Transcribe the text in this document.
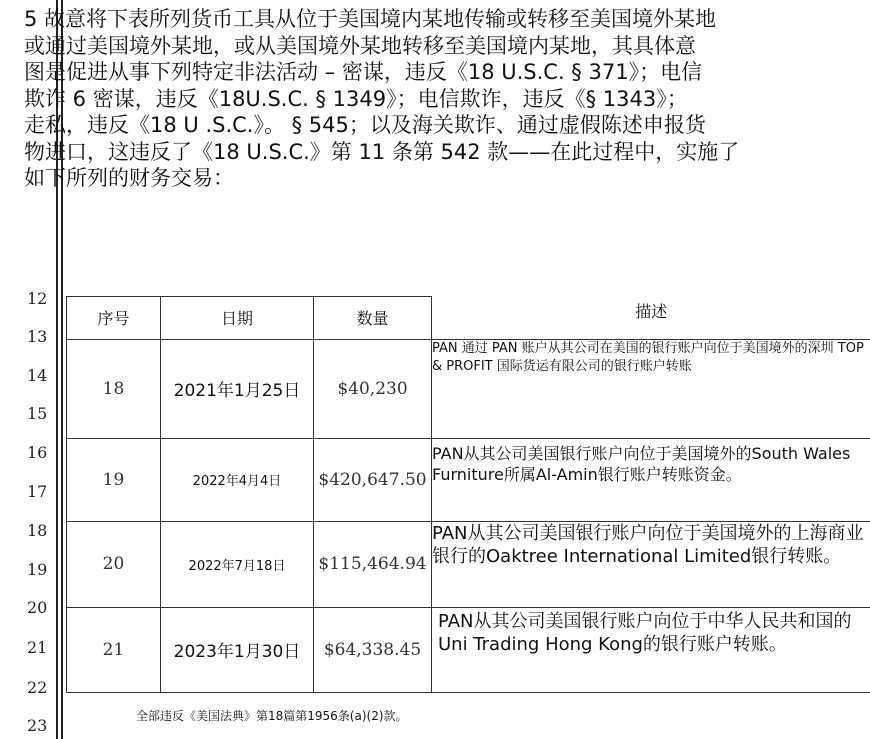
5 故意将下表所列货币工具从位于美国境内某地传输或转移至美国境外某地
或通过美国境外某地，或从美国境外某地转移至美国境内某地，其具体意
图是促进从事下列特定非法活动 – 密谋，违反《18 U.S.C. § 371》；电信
欺诈 6 密谋，违反《18U.S.C. § 1349》；电信欺诈，违反《§ 1343》；
走私，违反《18 U .S.C.》。 § 545；以及海关欺诈、通过虚假陈述申报货
物进口，这违反了《18 U.S.C.》第 11 条第 542 款——在此过程中，实施了
如下所列的财务交易：
12
13
14
15
16
17
18
19
20
21
22
23
序号	日期	数量	描述
18	2021年1月25日	$40,230	PAN 通过 PAN 账户从其公司在美国的银行账户向位于美国境外的深圳 TOP & PROFIT 国际货运有限公司的银行账户转账

19	2022年4月4日	$420,647.50	PAN从其公司美国银行账户向位于美国境外的South Wales Furniture所属Al-Amin银行账户转账资金。

20	2022年7月18日	$115,464.94	PAN从其公司美国银行账户向位于美国境外的上海商业银行的Oaktree International Limited银行转账。

21	2023年1月30日	$64,338.45	PAN从其公司美国银行账户向位于中华人民共和国的Uni Trading Hong Kong的银行账户转账。
全部违反《美国法典》第18篇第1956条(a)(2)款。
